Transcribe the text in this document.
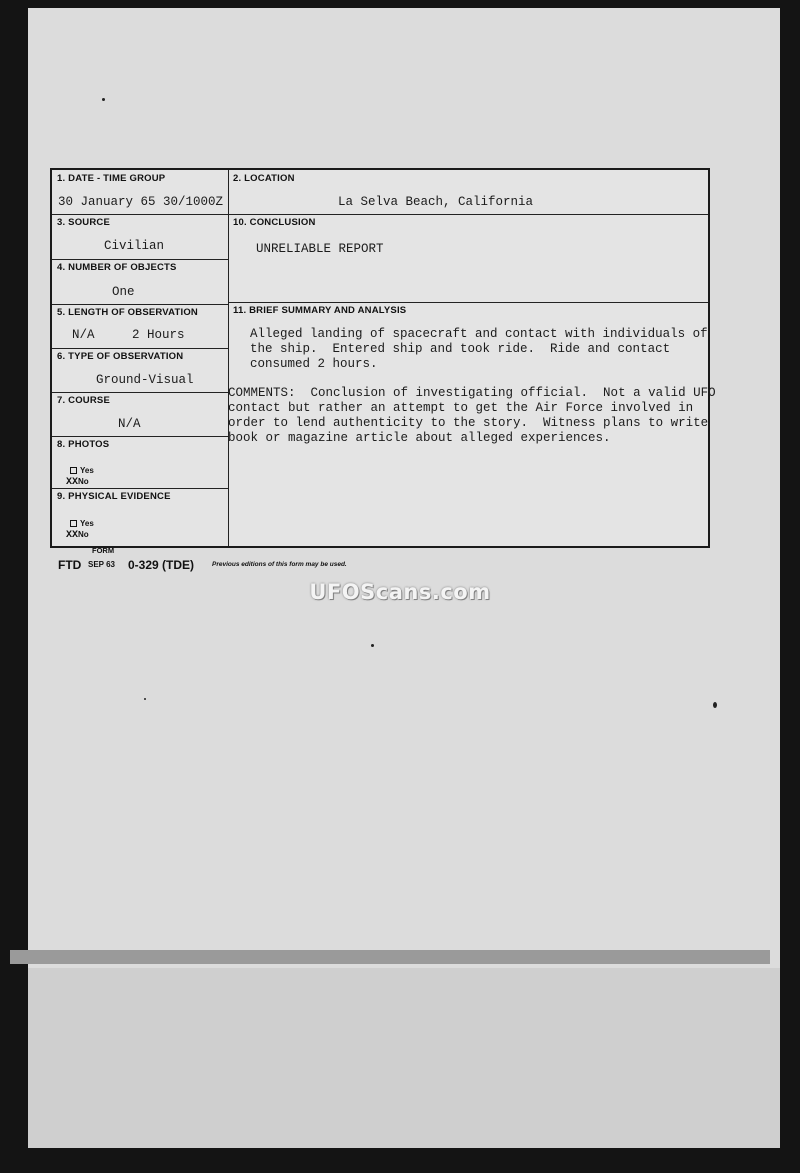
1. DATE - TIME GROUP
30 January 65 30/1000Z
2. LOCATION
La Selva Beach, California
3. SOURCE
Civilian
4. NUMBER OF OBJECTS
One
5. LENGTH OF OBSERVATION
N/A     2 Hours
6. TYPE OF OBSERVATION
Ground-Visual
7. COURSE
N/A
8. PHOTOS
Yes
XXNo
9. PHYSICAL EVIDENCE
Yes
XXNo
10. CONCLUSION
UNRELIABLE REPORT
11. BRIEF SUMMARY AND ANALYSIS
Alleged landing of spacecraft and contact with individuals of
the ship.  Entered ship and took ride.  Ride and contact
consumed 2 hours.
COMMENTS:  Conclusion of investigating official.  Not a valid UFO
contact but rather an attempt to get the Air Force involved in
order to lend authenticity to the story.  Witness plans to write
book or magazine article about alleged experiences.
FORM
FTD SEP 63 0-329 (TDE)	Previous editions of this form may be used.
UFOScans.com
